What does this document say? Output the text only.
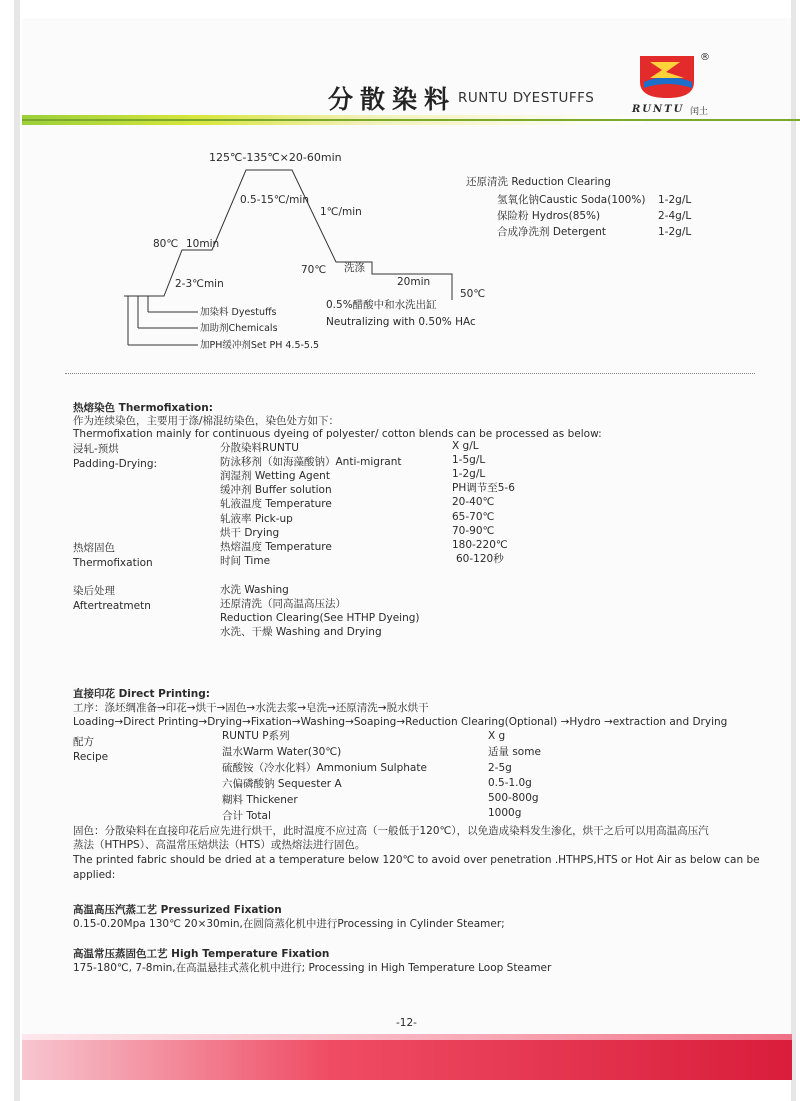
分散染料 RUNTU DYESTUFFS
®
RUNTU 闰土
125℃-135℃×20-60min
0.5-15℃/min
1℃/min
80℃ 10min
2-3℃min
70℃ 洗涤
20min
50℃
0.5%醋酸中和水洗出缸
Neutralizing with 0.50% HAc
加染料 Dyestuffs
加助剂Chemicals
加PH缓冲剂Set PH 4.5-5.5
还原清洗 Reduction Clearing
氢氧化钠Caustic Soda(100%) 1-2g/L
保险粉 Hydros(85%)	2-4g/L
合成净洗剂 Detergent	1-2g/L
热熔染色 Thermofixation:
作为连续染色，主要用于涤/棉混纺染色，染色处方如下：
Thermofixation mainly for continuous dyeing of polyester/ cotton blends can be processed as below:
浸轧-预烘
Padding-Drying:
热熔固色
Thermofixation
染后处理
Aftertreatmetn
分散染料RUNTU	X g/L
防泳移剂（如海藻酸钠）Anti-migrant	1-5g/L
润湿剂 Wetting Agent	1-2g/L
缓冲剂 Buffer solution	PH调节至5-6
轧液温度 Temperature	20-40℃
轧液率 Pick-up	65-70℃
烘干 Drying	70-90℃
热熔温度 Temperature	180-220℃
时间 Time	60-120秒
水洗 Washing
还原清洗（同高温高压法）
Reduction Clearing(See HTHP Dyeing)
水洗、干燥 Washing and Drying
直接印花 Direct Printing:
工序：涤坯绸准备→印花→烘干→固色→水洗去浆→皂洗→还原清洗→脱水烘干
Loading→Direct Printing→Drying→Fixation→Washing→Soaping→Reduction Clearing(Optional) →Hydro →extraction and Drying
配方
Recipe
RUNTU P系列	X g
温水Warm Water(30℃)	适量 some
硫酸铵（冷水化料）Ammonium Sulphate	2-5g
六偏磷酸钠 Sequester A	0.5-1.0g
糊料 Thickener	500-800g
合计 Total	1000g
固色：分散染料在直接印花后应先进行烘干，此时温度不应过高（一般低于120℃），以免造成染料发生渗化，烘干之后可以用高温高压汽
蒸法（HTHPS）、高温常压焙烘法（HTS）或热熔法进行固色。
The printed fabric should be dried at a temperature below 120℃ to avoid over penetration .HTHPS,HTS or Hot Air as below can be
applied:
高温高压汽蒸工艺 Pressurized Fixation
0.15-0.20Mpa 130℃ 20×30min,在圆筒蒸化机中进行Processing in Cylinder Steamer;
高温常压蒸固色工艺 High Temperature Fixation
175-180℃, 7-8min,在高温悬挂式蒸化机中进行; Processing in High Temperature Loop Steamer
-12-
